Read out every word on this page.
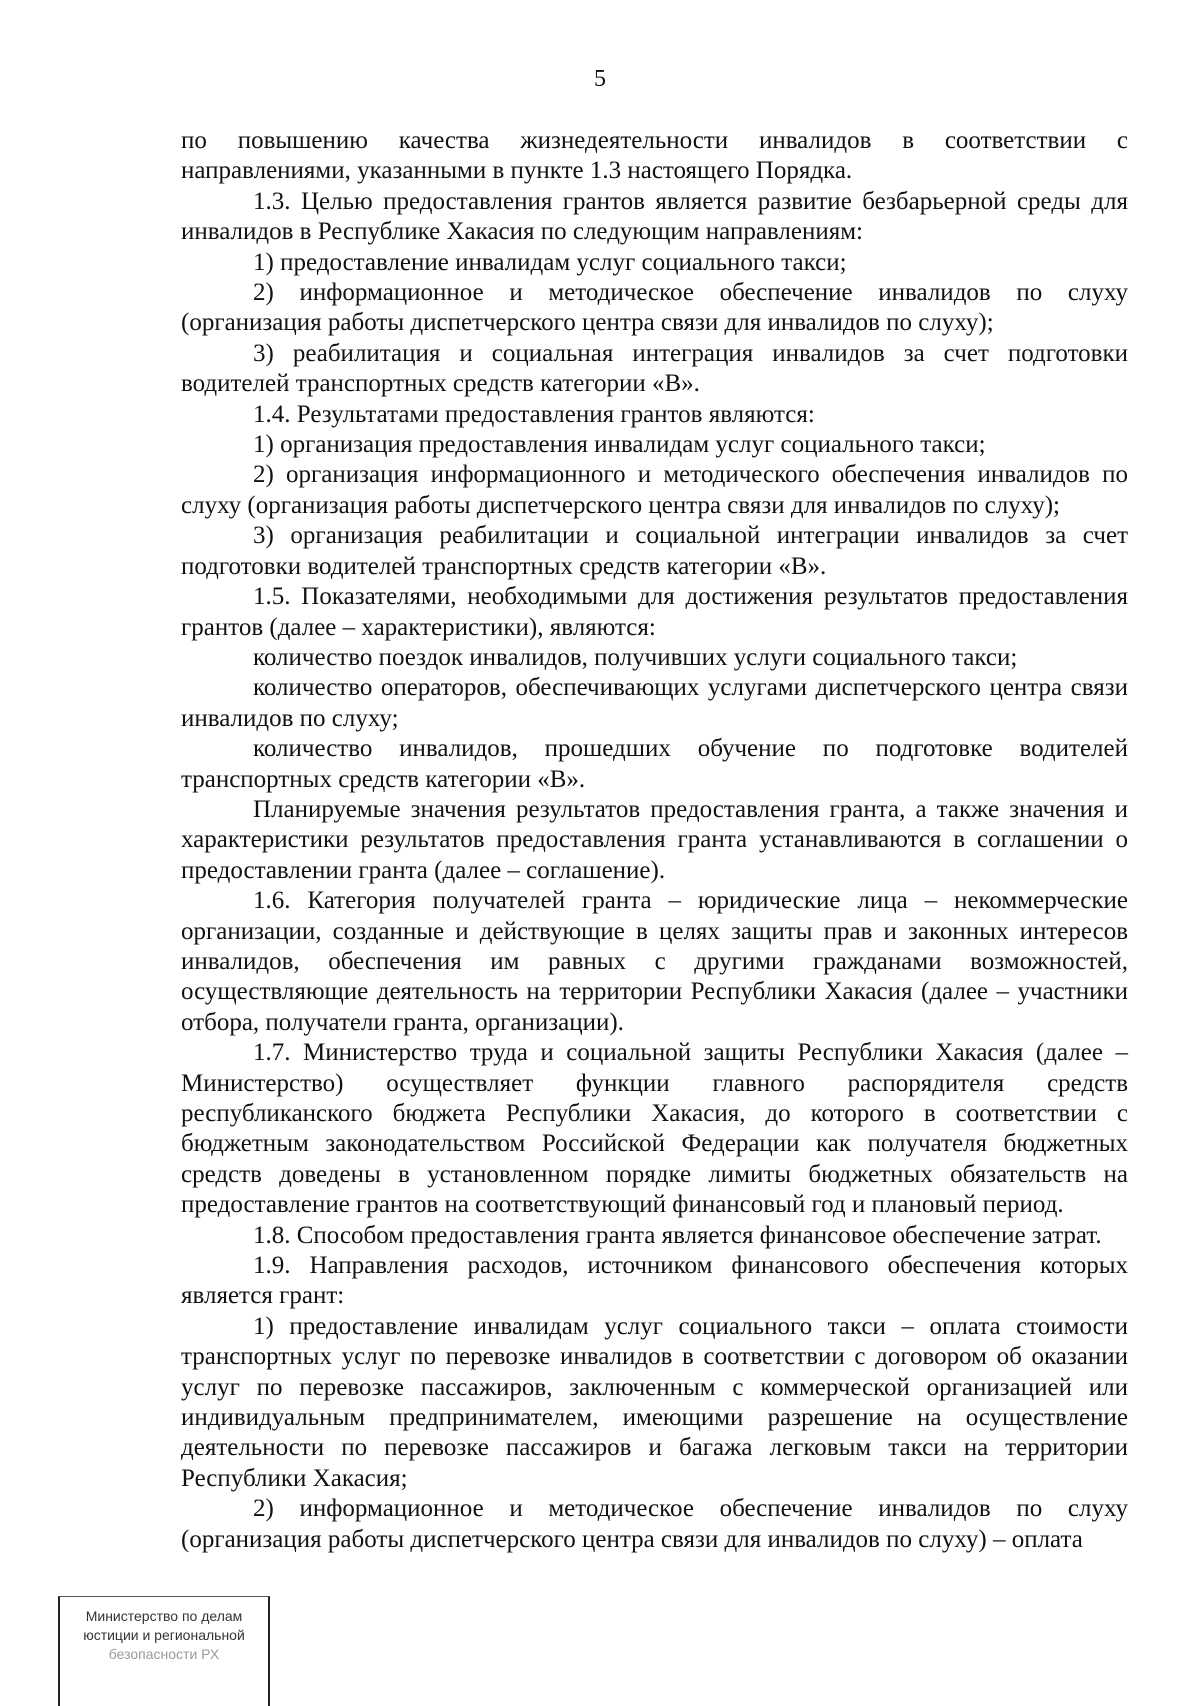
5

по повышению качества жизнедеятельности инвалидов в соответствии с направлениями, указанными в пункте 1.3 настоящего Порядка.

1.3. Целью предоставления грантов является развитие безбарьерной среды для инвалидов в Республике Хакасия по следующим направлениям:

1) предоставление инвалидам услуг социального такси;

2) информационное и методическое обеспечение инвалидов по слуху (организация работы диспетчерского центра связи для инвалидов по слуху);

3) реабилитация и социальная интеграция инвалидов за счет подготовки водителей транспортных средств категории «В».

1.4. Результатами предоставления грантов являются:

1) организация предоставления инвалидам услуг социального такси;

2) организация информационного и методического обеспечения инвалидов по слуху (организация работы диспетчерского центра связи для инвалидов по слуху);

3) организация реабилитации и социальной интеграции инвалидов за счет подготовки водителей транспортных средств категории «В».

1.5. Показателями, необходимыми для достижения результатов предоставления грантов (далее – характеристики), являются:

количество поездок инвалидов, получивших услуги социального такси;

количество операторов, обеспечивающих услугами диспетчерского центра связи инвалидов по слуху;

количество инвалидов, прошедших обучение по подготовке водителей транспортных средств категории «В».

Планируемые значения результатов предоставления гранта, а также значения и характеристики результатов предоставления гранта устанавливаются в соглашении о предоставлении гранта (далее – соглашение).

1.6. Категория получателей гранта – юридические лица – некоммерческие организации, созданные и действующие в целях защиты прав и законных интересов инвалидов, обеспечения им равных с другими гражданами возможностей, осуществляющие деятельность на территории Республики Хакасия (далее – участники отбора, получатели гранта, организации).

1.7. Министерство труда и социальной защиты Республики Хакасия (далее – Министерство) осуществляет функции главного распорядителя средств республиканского бюджета Республики Хакасия, до которого в соответствии с бюджетным законодательством Российской Федерации как получателя бюджетных средств доведены в установленном порядке лимиты бюджетных обязательств на предоставление грантов на соответствующий финансовый год и плановый период.

1.8. Способом предоставления гранта является финансовое обеспечение затрат.

1.9. Направления расходов, источником финансового обеспечения которых является грант:

1) предоставление инвалидам услуг социального такси – оплата стоимости транспортных услуг по перевозке инвалидов в соответствии с договором об оказании услуг по перевозке пассажиров, заключенным с коммерческой организацией или индивидуальным предпринимателем, имеющими разрешение на осуществление деятельности по перевозке пассажиров и багажа легковым такси на территории Республики Хакасия;

2) информационное и методическое обеспечение инвалидов по слуху (организация работы диспетчерского центра связи для инвалидов по слуху) – оплата

Министерство по делам
юстиции и региональной
безопасности РХ
